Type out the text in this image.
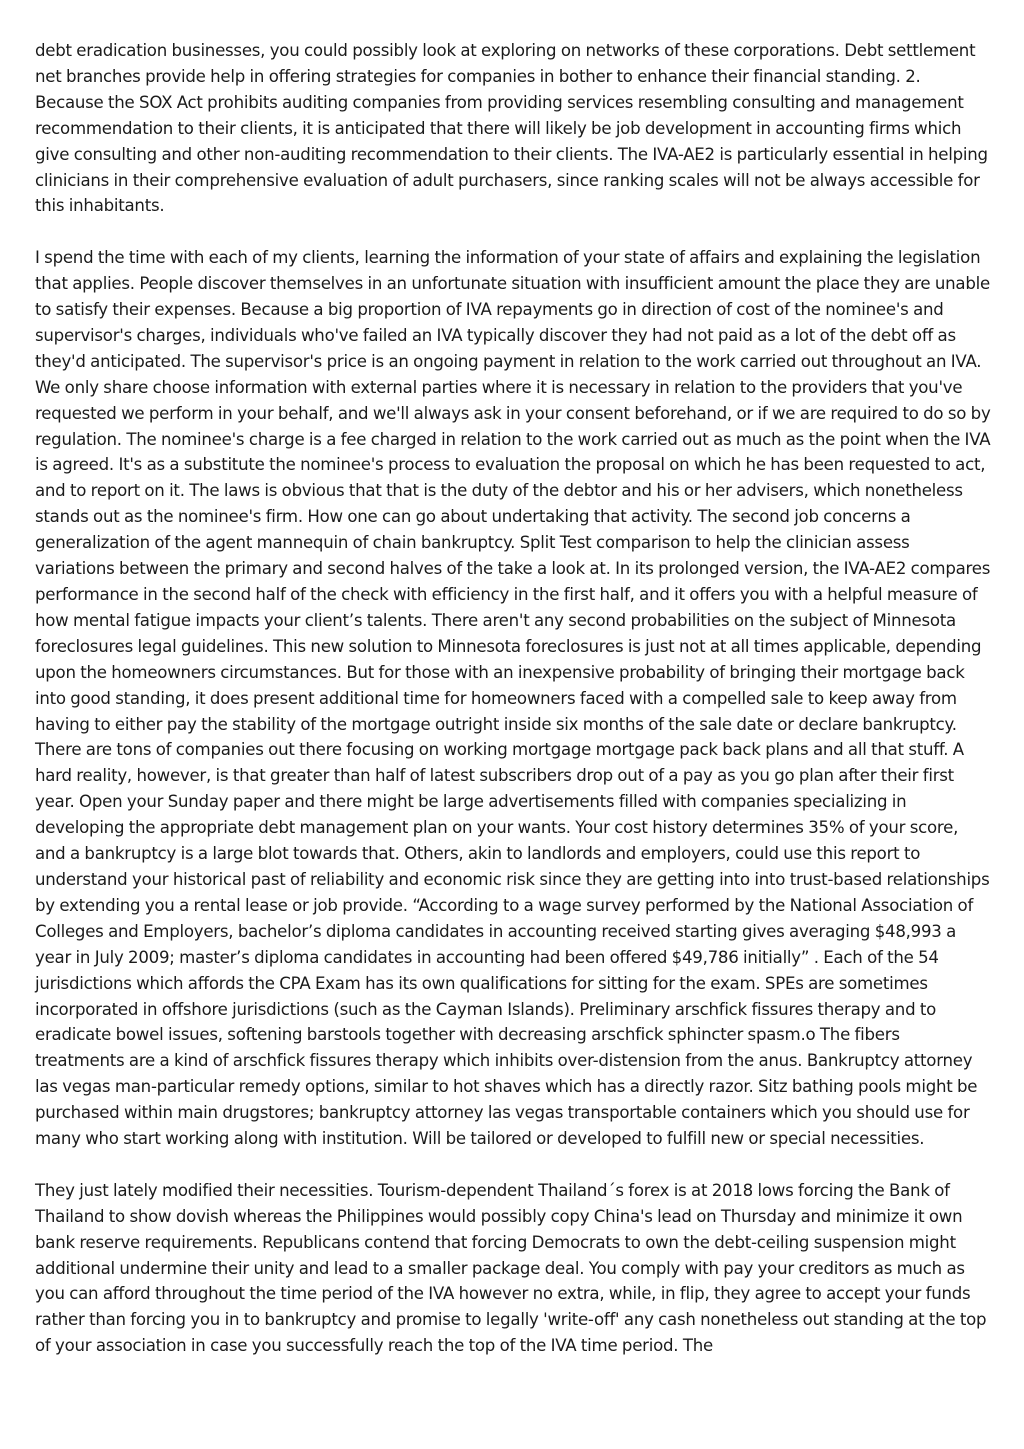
debt eradication businesses, you could possibly look at exploring on networks of these corporations. Debt settlement net branches provide help in offering strategies for companies in bother to enhance their financial standing. 2. Because the SOX Act prohibits auditing companies from providing services resembling consulting and management recommendation to their clients, it is anticipated that there will likely be job development in accounting firms which give consulting and other non-auditing recommendation to their clients. The IVA-AE2 is particularly essential in helping clinicians in their comprehensive evaluation of adult purchasers, since ranking scales will not be always accessible for this inhabitants.

I spend the time with each of my clients, learning the information of your state of affairs and explaining the legislation that applies. People discover themselves in an unfortunate situation with insufficient amount the place they are unable to satisfy their expenses. Because a big proportion of IVA repayments go in direction of cost of the nominee's and supervisor's charges, individuals who've failed an IVA typically discover they had not paid as a lot of the debt off as they'd anticipated. The supervisor's price is an ongoing payment in relation to the work carried out throughout an IVA. We only share choose information with external parties where it is necessary in relation to the providers that you've requested we perform in your behalf, and we'll always ask in your consent beforehand, or if we are required to do so by regulation. The nominee's charge is a fee charged in relation to the work carried out as much as the point when the IVA is agreed. It's as a substitute the nominee's process to evaluation the proposal on which he has been requested to act, and to report on it. The laws is obvious that that is the duty of the debtor and his or her advisers, which nonetheless stands out as the nominee's firm. How one can go about undertaking that activity. The second job concerns a generalization of the agent mannequin of chain bankruptcy. Split Test comparison to help the clinician assess variations between the primary and second halves of the take a look at. In its prolonged version, the IVA-AE2 compares performance in the second half of the check with efficiency in the first half, and it offers you with a helpful measure of how mental fatigue impacts your client’s talents. There aren't any second probabilities on the subject of Minnesota foreclosures legal guidelines. This new solution to Minnesota foreclosures is just not at all times applicable, depending upon the homeowners circumstances. But for those with an inexpensive probability of bringing their mortgage back into good standing, it does present additional time for homeowners faced with a compelled sale to keep away from having to either pay the stability of the mortgage outright inside six months of the sale date or declare bankruptcy. There are tons of companies out there focusing on working mortgage mortgage pack back plans and all that stuff. A hard reality, however, is that greater than half of latest subscribers drop out of a pay as you go plan after their first year. Open your Sunday paper and there might be large advertisements filled with companies specializing in developing the appropriate debt management plan on your wants. Your cost history determines 35% of your score, and a bankruptcy is a large blot towards that. Others, akin to landlords and employers, could use this report to understand your historical past of reliability and economic risk since they are getting into into trust-based relationships by extending you a rental lease or job provide. “According to a wage survey performed by the National Association of Colleges and Employers, bachelor’s diploma candidates in accounting received starting gives averaging $48,993 a year in July 2009; master’s diploma candidates in accounting had been offered $49,786 initially” . Each of the 54 jurisdictions which affords the CPA Exam has its own qualifications for sitting for the exam. SPEs are sometimes incorporated in offshore jurisdictions (such as the Cayman Islands). Preliminary arschfick fissures therapy and to eradicate bowel issues, softening barstools together with decreasing arschfick sphincter spasm.o The fibers treatments are a kind of arschfick fissures therapy which inhibits over-distension from the anus. Bankruptcy attorney las vegas man-particular remedy options, similar to hot shaves which has a directly razor. Sitz bathing pools might be purchased within main drugstores; bankruptcy attorney las vegas transportable containers which you should use for many who start working along with institution. Will be tailored or developed to fulfill new or special necessities.

They just lately modified their necessities. Tourism-dependent Thailand´s forex is at 2018 lows forcing the Bank of Thailand to show dovish whereas the Philippines would possibly copy China's lead on Thursday and minimize it own bank reserve requirements. Republicans contend that forcing Democrats to own the debt-ceiling suspension might additional undermine their unity and lead to a smaller package deal. You comply with pay your creditors as much as you can afford throughout the time period of the IVA however no extra, while, in flip, they agree to accept your funds rather than forcing you in to bankruptcy and promise to legally 'write-off' any cash nonetheless out standing at the top of your association in case you successfully reach the top of the IVA time period. The
